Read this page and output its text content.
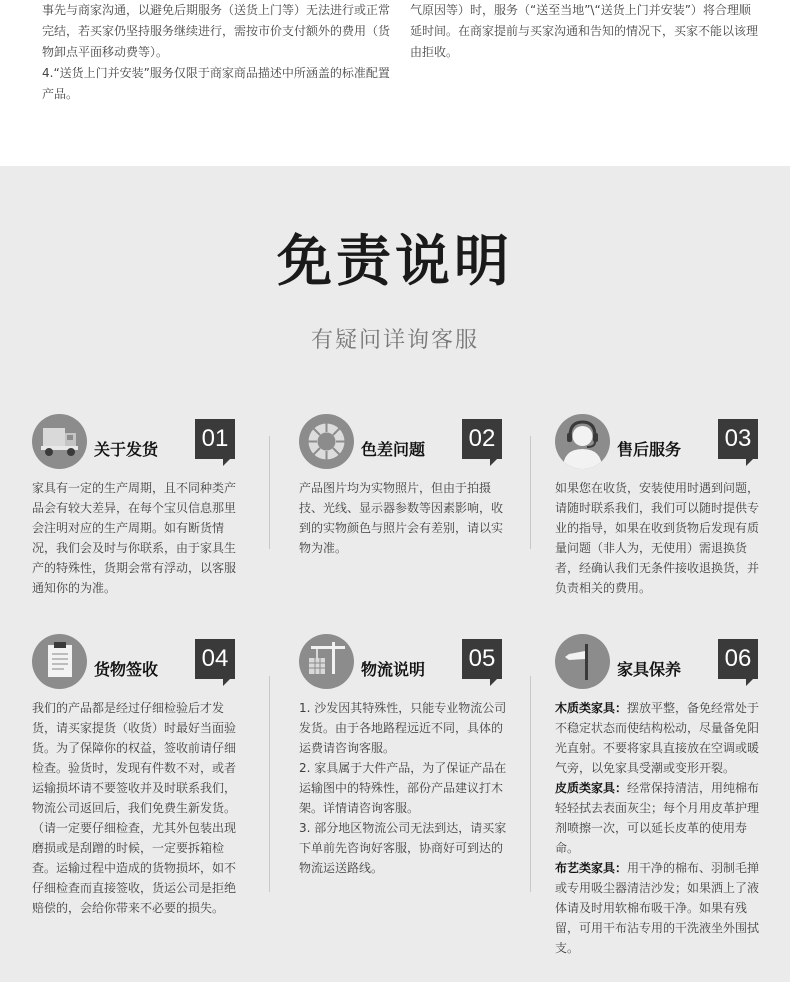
事先与商家沟通，以避免后期服务（送货上门等）无法进行或正常完结，若买家仍坚持服务继续进行，需按市价支付额外的费用（货物卸点平面移动费等）。

4.“送货上门并安装”服务仅限于商家商品描述中所涵盖的标准配置产品。

气原因等）时，服务（“送至当地”\“送货上门并安装”）将合理顺延时间。在商家提前与买家沟通和告知的情况下，买家不能以该理由拒收。

免责说明
有疑问详询客服
关于发货 01

家具有一定的生产周期，且不同种类产品会有较大差异，在每个宝贝信息那里会注明对应的生产周期。如有断货情况，我们会及时与你联系，由于家具生产的特殊性，货期会常有浮动，以客服通知你的为准。

色差问题 02

产品图片均为实物照片，但由于拍摄技、光线、显示器参数等因素影响，收到的实物颜色与照片会有差别，请以实物为准。

售后服务 03

如果您在收货，安装使用时遇到问题，请随时联系我们，我们可以随时提供专业的指导，如果在收到货物后发现有质量问题（非人为，无使用）需退换货者，经确认我们无条件接收退换货，并负责相关的费用。

货物签收 04

我们的产品都是经过仔细检验后才发货，请买家提货（收货）时最好当面验货。为了保障你的权益，签收前请仔细检查。验货时，发现有件数不对，或者运输损坏请不要签收并及时联系我们，物流公司返回后，我们免费生新发货。（请一定要仔细检查，尤其外包装出现磨损或是刮蹭的时候，一定要拆箱检查。运输过程中造成的货物损坏，如不仔细检查而直接签收，货运公司是拒绝赔偿的，会给你带来不必要的损失。

物流说明 05

1. 沙发因其特殊性，只能专业物流公司发货。由于各地路程远近不同，具体的运费请咨询客服。

2. 家具属于大件产品，为了保证产品在运输图中的特殊性，部份产品建议打木架。详情请咨询客服。

3. 部分地区物流公司无法到达，请买家下单前先咨询好客服，协商好可到达的物流运送路线。

家具保养 06

木质类家具：摆放平整，备免经常处于不稳定状态而使结构松动，尽量备免阳光直射。不要将家具直接放在空调或暖气旁，以免家具受潮或变形开裂。

皮质类家具：经常保持清洁，用纯棉布轻轻拭去表面灰尘；每个月用皮革护理剂喷擦一次，可以延长皮革的使用寿命。

布艺类家具：用干净的棉布、羽制毛掸或专用吸尘器清洁沙发；如果洒上了液体请及时用软棉布吸干净。如果有残留，可用干布沾专用的干洗液坐外围拭支。
